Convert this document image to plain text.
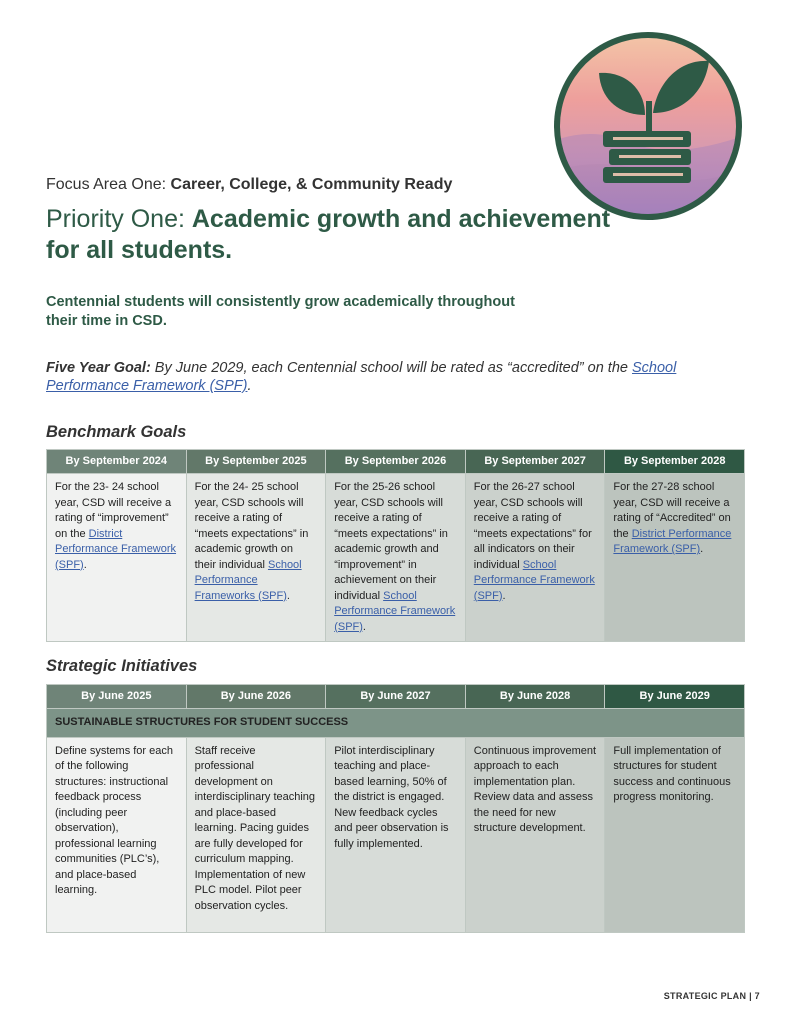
Focus Area One: Career, College, & Community Ready
Priority One: Academic growth and achievement
for all students.
Centennial students will consistently grow academically throughout their time in CSD.
Five Year Goal: By June 2029, each Centennial school will be rated as “accredited” on the School Performance Framework (SPF).
Benchmark Goals
By September 2024	By September 2025	By September 2026	By September 2027	By September 2028
For the 23- 24 school year, CSD will receive a rating of “improvement” on the District Performance Framework (SPF).	For the 24- 25 school year, CSD schools will receive a rating of “meets expectations” in academic growth on their individual School Performance Frameworks (SPF).	For the 25-26 school year, CSD schools will receive a rating of “meets expectations” in academic growth and “improvement” in achievement on their individual School Performance Framework (SPF).	For the 26-27 school year, CSD schools will receive a rating of “meets expectations” for all indicators on their individual School Performance Framework (SPF).	For the 27-28 school year, CSD will receive a rating of “Accredited” on the District Performance Framework (SPF).
Strategic Initiatives
By June 2025	By June 2026	By June 2027	By June 2028	By June 2029
SUSTAINABLE STRUCTURES FOR STUDENT SUCCESS				
Define systems for each of the following structures: instructional feedback process (including peer observation), professional learning communities (PLC’s), and place-based learning.	Staff receive professional development on interdisciplinary teaching and place-based learning. Pacing guides are fully developed for curriculum mapping. Implementation of new PLC model. Pilot peer observation cycles.	Pilot interdisciplinary teaching and place-based learning, 50% of the district is engaged. New feedback cycles and peer observation is fully implemented.	Continuous improvement approach to each implementation plan. Review data and assess the need for new structure development.	Full implementation of structures for student success and continuous progress monitoring.
STRATEGIC PLAN | 7
